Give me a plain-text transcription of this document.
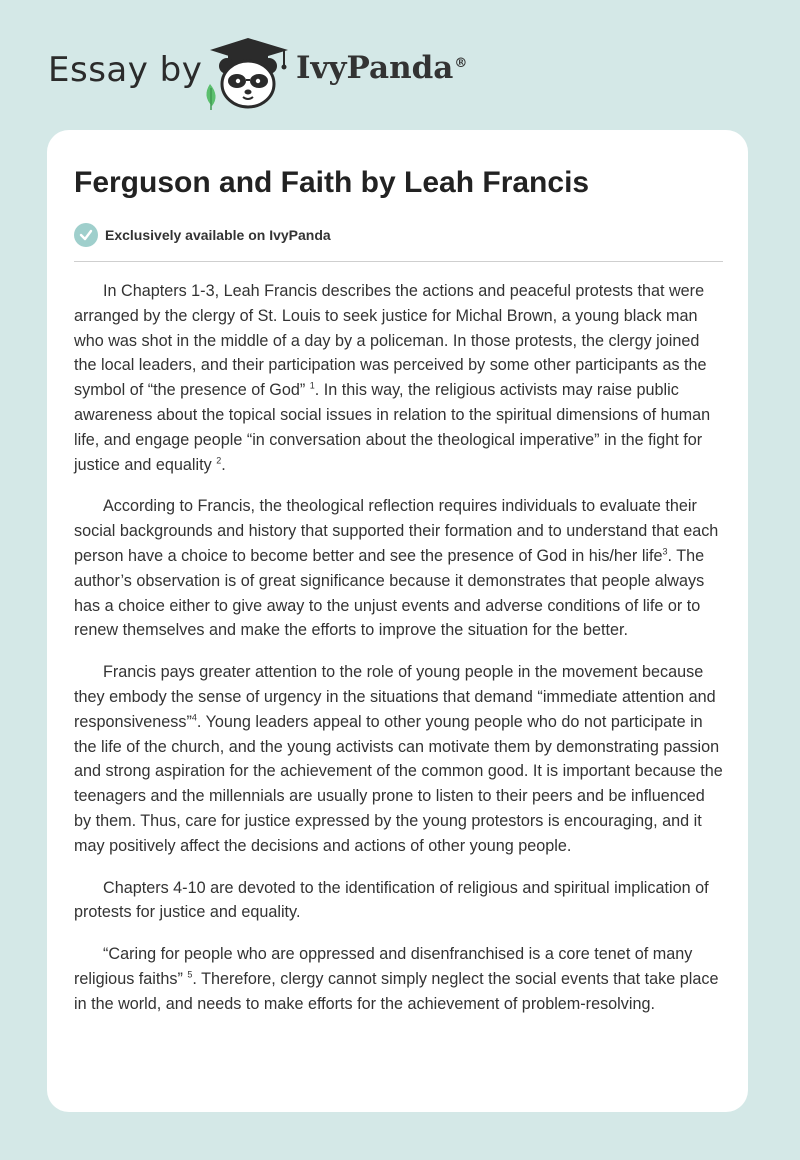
Essay by	IvyPanda®
Ferguson and Faith by Leah Francis
Exclusively available on IvyPanda

In Chapters 1-3, Leah Francis describes the actions and peaceful protests that were arranged by the clergy of St. Louis to seek justice for Michal Brown, a young black man who was shot in the middle of a day by a policeman. In those protests, the clergy joined the local leaders, and their participation was perceived by some other participants as the symbol of “the presence of God” $^1$. In this way, the religious activists may raise public awareness about the topical social issues in relation to the spiritual dimensions of human life, and engage people “in conversation about the theological imperative” in the fight for justice and equality $^2$.

According to Francis, the theological reflection requires individuals to evaluate their social backgrounds and history that supported their formation and to understand that each person have a choice to become better and see the presence of God in his/her life$^3$. The author’s observation is of great significance because it demonstrates that people always has a choice either to give away to the unjust events and adverse conditions of life or to renew themselves and make the efforts to improve the situation for the better.

Francis pays greater attention to the role of young people in the movement because they embody the sense of urgency in the situations that demand “immediate attention and responsiveness”$^4$. Young leaders appeal to other young people who do not participate in the life of the church, and the young activists can motivate them by demonstrating passion and strong aspiration for the achievement of the common good. It is important because the teenagers and the millennials are usually prone to listen to their peers and be influenced by them. Thus, care for justice expressed by the young protestors is encouraging, and it may positively affect the decisions and actions of other young people.

Chapters 4-10 are devoted to the identification of religious and spiritual implication of protests for justice and equality.

“Caring for people who are oppressed and disenfranchised is a core tenet of many religious faiths” $^5$. Therefore, clergy cannot simply neglect the social events that take place in the world, and needs to make efforts for the achievement of problem-resolving.
